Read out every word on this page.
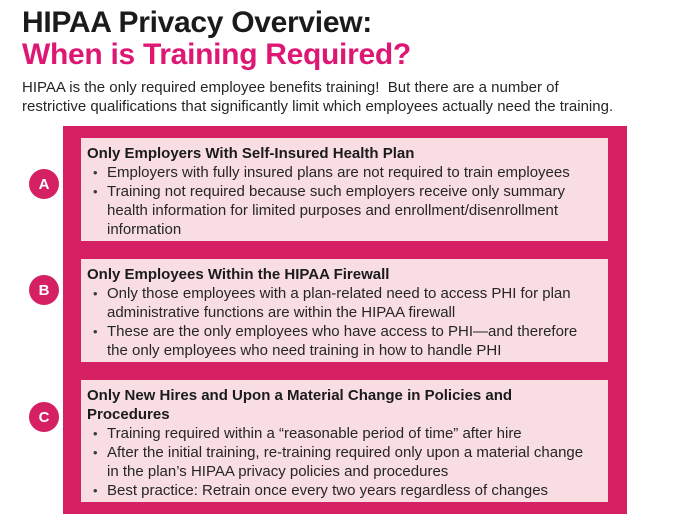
HIPAA Privacy Overview:
When is Training Required?
HIPAA is the only required employee benefits training!  But there are a number of
restrictive qualifications that significantly limit which employees actually need the training.
Only Employers With Self-Insured Health Plan
• Employers with fully insured plans are not required to train employees
• Training not required because such employers receive only summary health information for limited purposes and enrollment/disenrollment information
Only Employees Within the HIPAA Firewall
• Only those employees with a plan-related need to access PHI for plan administrative functions are within the HIPAA firewall
• These are the only employees who have access to PHI—and therefore the only employees who need training in how to handle PHI
Only New Hires and Upon a Material Change in Policies and Procedures
• Training required within a “reasonable period of time” after hire
• After the initial training, re-training required only upon a material change in the plan’s HIPAA privacy policies and procedures
• Best practice: Retrain once every two years regardless of changes
A
B
C
